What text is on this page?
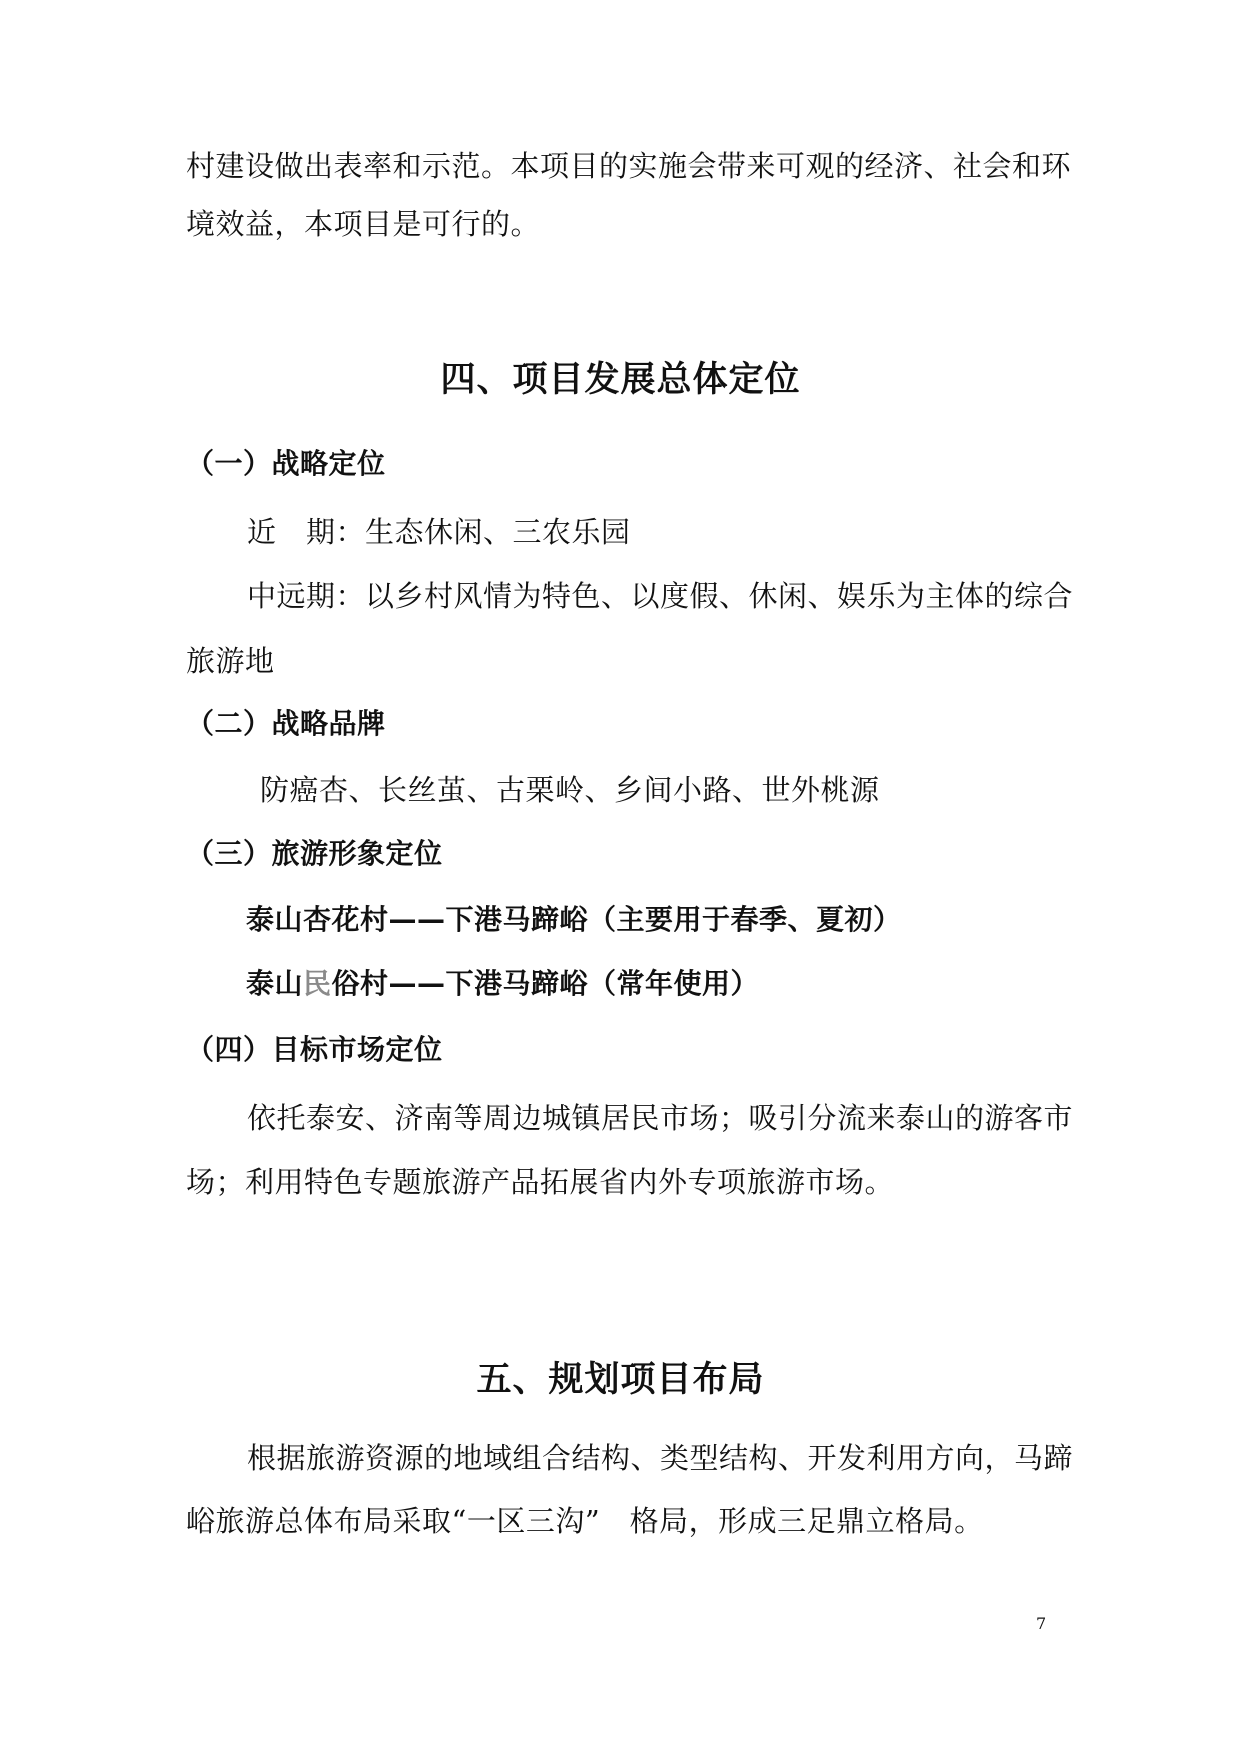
村建设做出表率和示范。本项目的实施会带来可观的经济、社会和环
境效益，本项目是可行的。
四、项目发展总体定位
（一）战略定位
近　期：生态休闲、三农乐园
中远期：以乡村风情为特色、以度假、休闲、娱乐为主体的综合
旅游地
（二）战略品牌
防癌杏、长丝茧、古栗岭、乡间小路、世外桃源
（三）旅游形象定位
泰山杏花村——下港马蹄峪（主要用于春季、夏初）
泰山民俗村——下港马蹄峪（常年使用）
（四）目标市场定位
依托泰安、济南等周边城镇居民市场；吸引分流来泰山的游客市
场；利用特色专题旅游产品拓展省内外专项旅游市场。
五、规划项目布局
根据旅游资源的地域组合结构、类型结构、开发利用方向，马蹄
峪旅游总体布局采取“一区三沟”　格局，形成三足鼎立格局。
7
